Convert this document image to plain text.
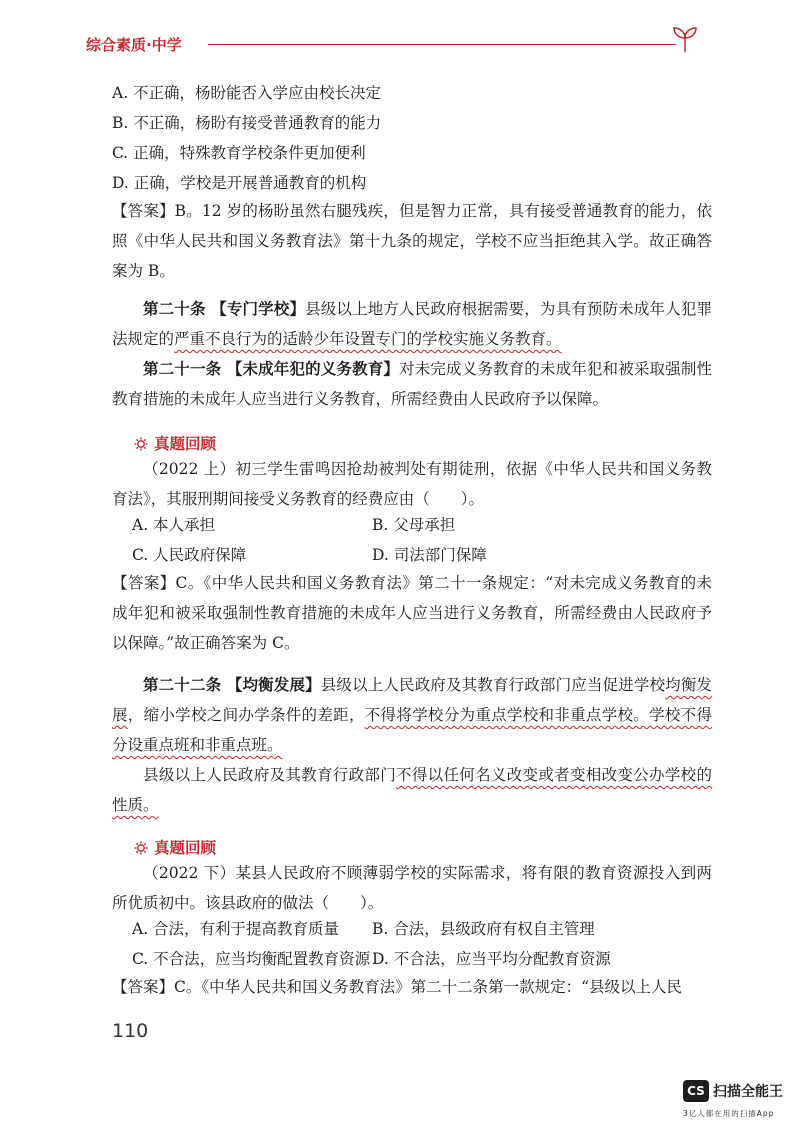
综合素质·中学
A. 不正确，杨盼能否入学应由校长决定
B. 不正确，杨盼有接受普通教育的能力
C. 正确，特殊教育学校条件更加便利
D. 正确，学校是开展普通教育的机构
【答案】B。12 岁的杨盼虽然右腿残疾，但是智力正常，具有接受普通教育的能力，依照《中华人民共和国义务教育法》第十九条的规定，学校不应当拒绝其入学。故正确答案为 B。
第二十条 【专门学校】县级以上地方人民政府根据需要，为具有预防未成年人犯罪法规定的严重不良行为的适龄少年设置专门的学校实施义务教育。
第二十一条 【未成年犯的义务教育】对未完成义务教育的未成年犯和被采取强制性教育措施的未成年人应当进行义务教育，所需经费由人民政府予以保障。
真题回顾
（2022 上）初三学生雷鸣因抢劫被判处有期徒刑，依据《中华人民共和国义务教育法》，其服刑期间接受义务教育的经费应由（　　）。
A. 本人承担	B. 父母承担
C. 人民政府保障	D. 司法部门保障
【答案】C。《中华人民共和国义务教育法》第二十一条规定：“对未完成义务教育的未成年犯和被采取强制性教育措施的未成年人应当进行义务教育，所需经费由人民政府予以保障。”故正确答案为 C。
第二十二条 【均衡发展】县级以上人民政府及其教育行政部门应当促进学校均衡发展，缩小学校之间办学条件的差距，不得将学校分为重点学校和非重点学校。学校不得分设重点班和非重点班。
县级以上人民政府及其教育行政部门不得以任何名义改变或者变相改变公办学校的性质。
真题回顾
（2022 下）某县人民政府不顾薄弱学校的实际需求，将有限的教育资源投入到两所优质初中。该县政府的做法（　　）。
A. 合法，有利于提高教育质量 B. 合法，县级政府有权自主管理
C. 不合法，应当均衡配置教育资源 D. 不合法，应当平均分配教育资源
【答案】C。《中华人民共和国义务教育法》第二十二条第一款规定：“县级以上人民
110
CS 扫描全能王
3亿人都在用的扫描App
